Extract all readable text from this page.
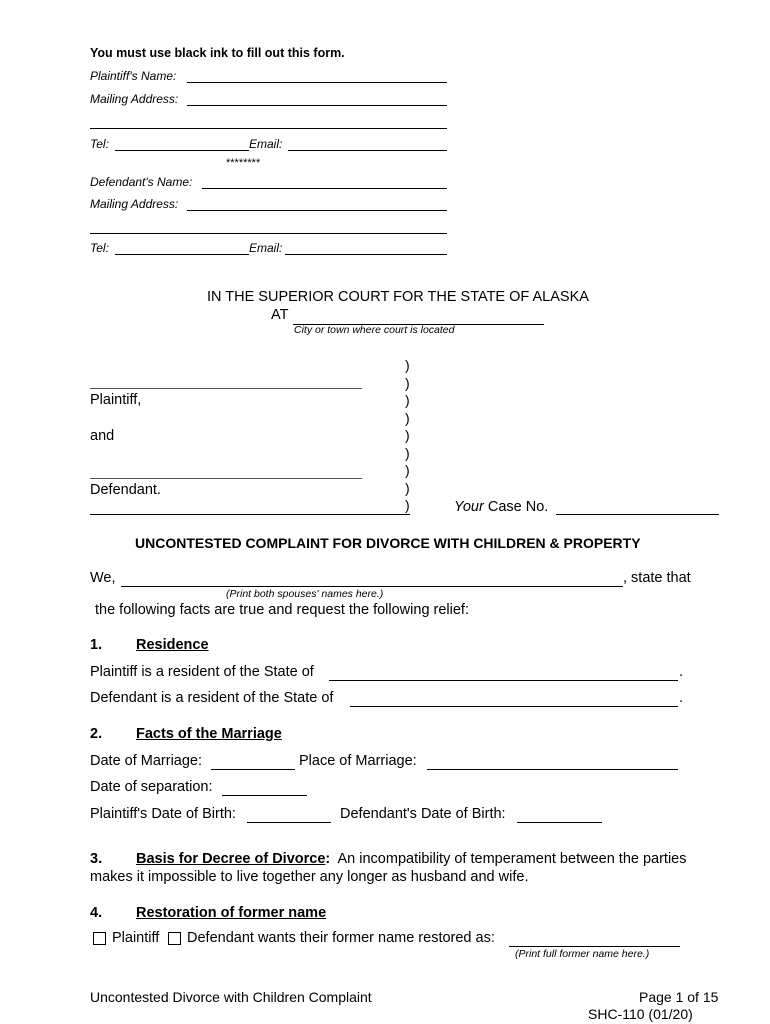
You must use black ink to fill out this form.
Plaintiff's Name:
Mailing Address:
Tel:	Email:
********
Defendant's Name:
Mailing Address:
Tel:	Email:
IN THE SUPERIOR COURT FOR THE STATE OF ALASKA
AT
City or town where court is located
Plaintiff,
and
Defendant.
)
)
)
)
)
)
)
)
)	Your Case No.
UNCONTESTED COMPLAINT FOR DIVORCE WITH CHILDREN & PROPERTY
We,	, state that
(Print both spouses' names here.)
the following facts are true and request the following relief:
1. Residence
Plaintiff is a resident of the State of	.
Defendant is a resident of the State of	.
2. Facts of the Marriage
Date of Marriage:	Place of Marriage:
Date of separation:
Plaintiff's Date of Birth:	Defendant's Date of Birth:
3. Basis for Decree of Divorce: An incompatibility of temperament between the parties
makes it impossible to live together any longer as husband and wife.
4. Restoration of former name
Plaintiff Defendant wants their former name restored as:
(Print full former name here.)
Uncontested Divorce with Children Complaint	Page 1 of 15
SHC-110 (01/20)
